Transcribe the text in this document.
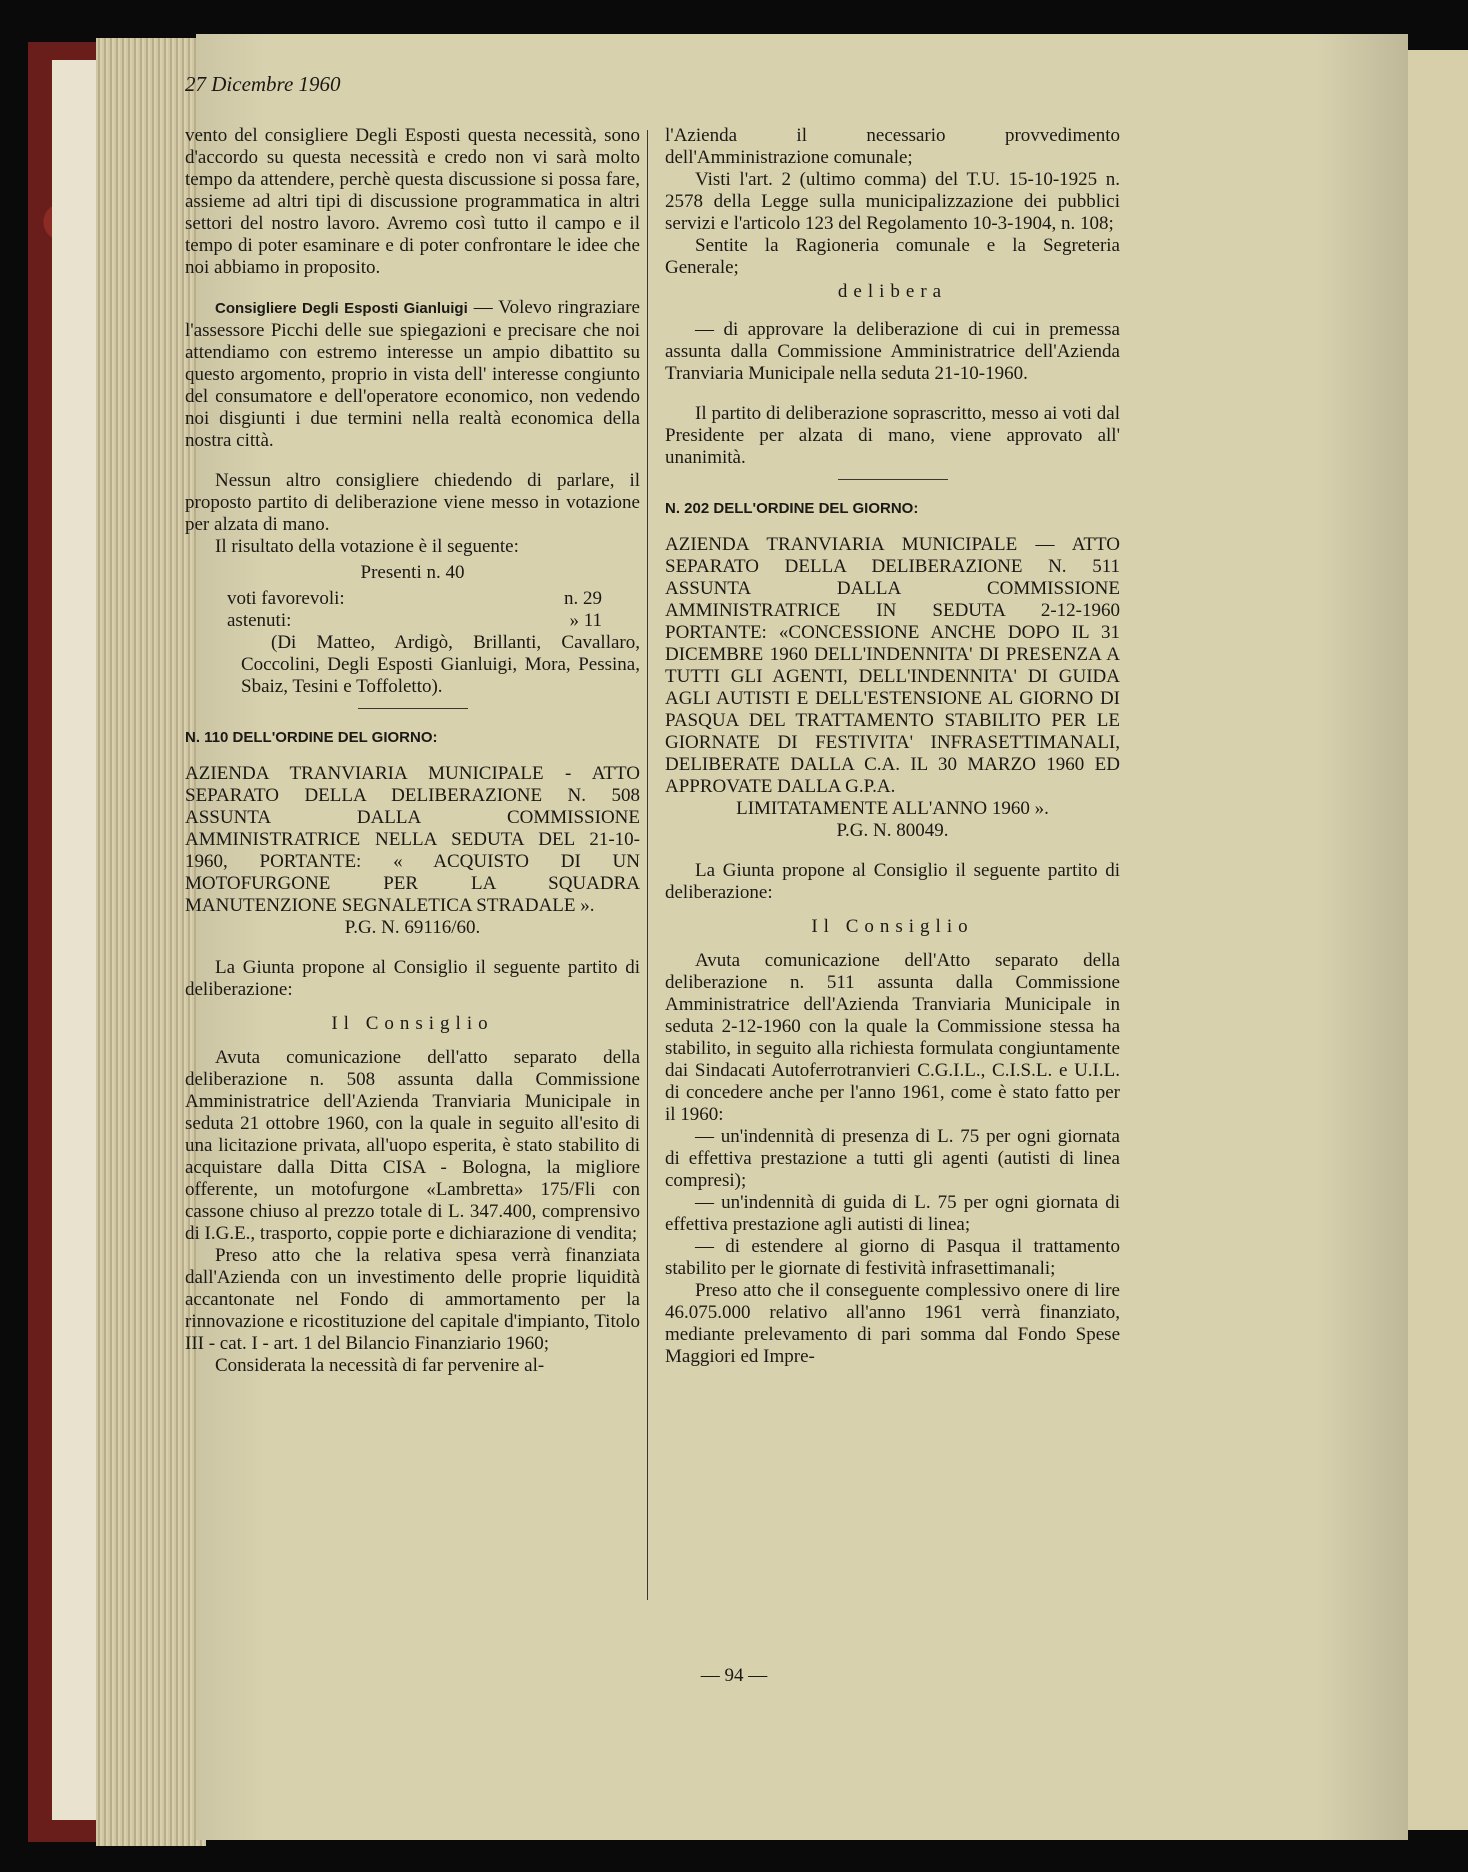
27 Dicembre 1960

vento del consigliere Degli Esposti questa necessità, sono d'accordo su questa necessità e credo non vi sarà molto tempo da attendere, perchè questa discussione si possa fare, assieme ad altri tipi di discussione programmatica in altri settori del nostro lavoro. Avremo così tutto il campo e il tempo di poter esaminare e di poter confrontare le idee che noi abbiamo in proposito.

Consigliere Degli Esposti Gianluigi — Volevo ringraziare l'assessore Picchi delle sue spiegazioni e precisare che noi attendiamo con estremo interesse un ampio dibattito su questo argomento, proprio in vista dell' interesse congiunto del consumatore e dell'operatore economico, non vedendo noi disgiunti i due termini nella realtà economica della nostra città.

Nessun altro consigliere chiedendo di parlare, il proposto partito di deliberazione viene messo in votazione per alzata di mano.

Il risultato della votazione è il seguente:

Presenti n. 40

voti favorevoli:	n. 29
astenuti:	» 11

(Di Matteo, Ardigò, Brillanti, Cavallaro, Coccolini, Degli Esposti Gianluigi, Mora, Pessina, Sbaiz, Tesini e Toffoletto).

N. 110 DELL'ORDINE DEL GIORNO:
AZIENDA TRANVIARIA MUNICIPALE - ATTO SEPARATO DELLA DELIBERAZIONE N. 508 ASSUNTA DALLA COMMISSIONE AMMINISTRATRICE NELLA SEDUTA DEL 21-10-1960, PORTANTE: « ACQUISTO DI UN MOTOFURGONE PER LA SQUADRA MANUTENZIONE SEGNALETICA STRADALE ».
P.G. N. 69116/60.

La Giunta propone al Consiglio il seguente partito di deliberazione:

Il Consiglio

Avuta comunicazione dell'atto separato della deliberazione n. 508 assunta dalla Commissione Amministratrice dell'Azienda Tranviaria Municipale in seduta 21 ottobre 1960, con la quale in seguito all'esito di una licitazione privata, all'uopo esperita, è stato stabilito di acquistare dalla Ditta CISA - Bologna, la migliore offerente, un motofurgone «Lambretta» 175/Fli con cassone chiuso al prezzo totale di L. 347.400, comprensivo di I.G.E., trasporto, coppie porte e dichiarazione di vendita;

Preso atto che la relativa spesa verrà finanziata dall'Azienda con un investimento delle proprie liquidità accantonate nel Fondo di ammortamento per la rinnovazione e ricostituzione del capitale d'impianto, Titolo III - cat. I - art. 1 del Bilancio Finanziario 1960;

Considerata la necessità di far pervenire al-

l'Azienda il necessario provvedimento dell'Amministrazione comunale;

Visti l'art. 2 (ultimo comma) del T.U. 15-10-1925 n. 2578 della Legge sulla municipalizzazione dei pubblici servizi e l'articolo 123 del Regolamento 10-3-1904, n. 108;

Sentite la Ragioneria comunale e la Segreteria Generale;

delibera

— di approvare la deliberazione di cui in premessa assunta dalla Commissione Amministratrice dell'Azienda Tranviaria Municipale nella seduta 21-10-1960.

Il partito di deliberazione soprascritto, messo ai voti dal Presidente per alzata di mano, viene approvato all' unanimità.

N. 202 DELL'ORDINE DEL GIORNO:
AZIENDA TRANVIARIA MUNICIPALE — ATTO SEPARATO DELLA DELIBERAZIONE N. 511 ASSUNTA DALLA COMMISSIONE AMMINISTRATRICE IN SEDUTA 2-12-1960 PORTANTE: «CONCESSIONE ANCHE DOPO IL 31 DICEMBRE 1960 DELL'INDENNITA' DI PRESENZA A TUTTI GLI AGENTI, DELL'INDENNITA' DI GUIDA AGLI AUTISTI E DELL'ESTENSIONE AL GIORNO DI PASQUA DEL TRATTAMENTO STABILITO PER LE GIORNATE DI FESTIVITA' INFRASETTIMANALI, DELIBERATE DALLA C.A. IL 30 MARZO 1960 ED APPROVATE DALLA G.P.A.
LIMITATAMENTE ALL'ANNO 1960 ».
P.G. N. 80049.

La Giunta propone al Consiglio il seguente partito di deliberazione:

Il Consiglio

Avuta comunicazione dell'Atto separato della deliberazione n. 511 assunta dalla Commissione Amministratrice dell'Azienda Tranviaria Municipale in seduta 2-12-1960 con la quale la Commissione stessa ha stabilito, in seguito alla richiesta formulata congiuntamente dai Sindacati Autoferrotranvieri C.G.I.L., C.I.S.L. e U.I.L. di concedere anche per l'anno 1961, come è stato fatto per il 1960:

— un'indennità di presenza di L. 75 per ogni giornata di effettiva prestazione a tutti gli agenti (autisti di linea compresi);

— un'indennità di guida di L. 75 per ogni giornata di effettiva prestazione agli autisti di linea;

— di estendere al giorno di Pasqua il trattamento stabilito per le giornate di festività infrasettimanali;

Preso atto che il conseguente complessivo onere di lire 46.075.000 relativo all'anno 1961 verrà finanziato, mediante prelevamento di pari somma dal Fondo Spese Maggiori ed Impre-

— 94 —
